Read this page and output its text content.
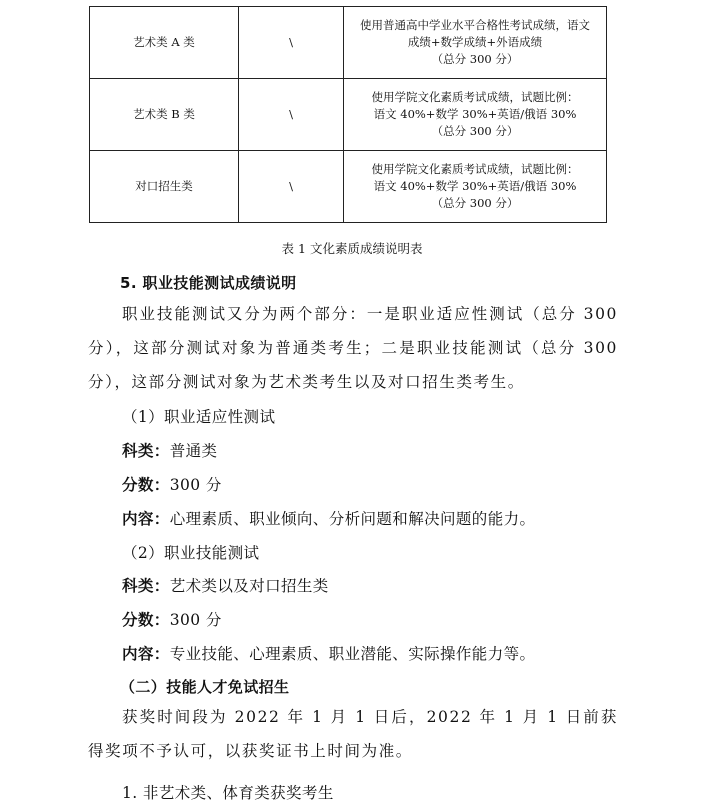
艺术类 A 类	\	使用普通高中学业水平合格性考试成绩，语文
成绩+数学成绩+外语成绩
（总分 300 分）

艺术类 B 类	\	使用学院文化素质考试成绩，试题比例：
语文 40%+数学 30%+英语/俄语 30%
（总分 300 分）

对口招生类	\	使用学院文化素质考试成绩，试题比例：
语文 40%+数学 30%+英语/俄语 30%
（总分 300 分）
表 1 文化素质成绩说明表
5. 职业技能测试成绩说明
职业技能测试又分为两个部分：一是职业适应性测试（总分 300 分），这部分测试对象为普通类考生；二是职业技能测试（总分 300 分），这部分测试对象为艺术类考生以及对口招生类考生。
（1）职业适应性测试
科类：普通类
分数：300 分
内容：心理素质、职业倾向、分析问题和解决问题的能力。
（2）职业技能测试
科类：艺术类以及对口招生类
分数：300 分
内容：专业技能、心理素质、职业潜能、实际操作能力等。
（二）技能人才免试招生
获奖时间段为 2022 年 1 月 1 日后，2022 年 1 月 1 日前获得奖项不予认可，以获奖证书上时间为准。
1. 非艺术类、体育类获奖考生
